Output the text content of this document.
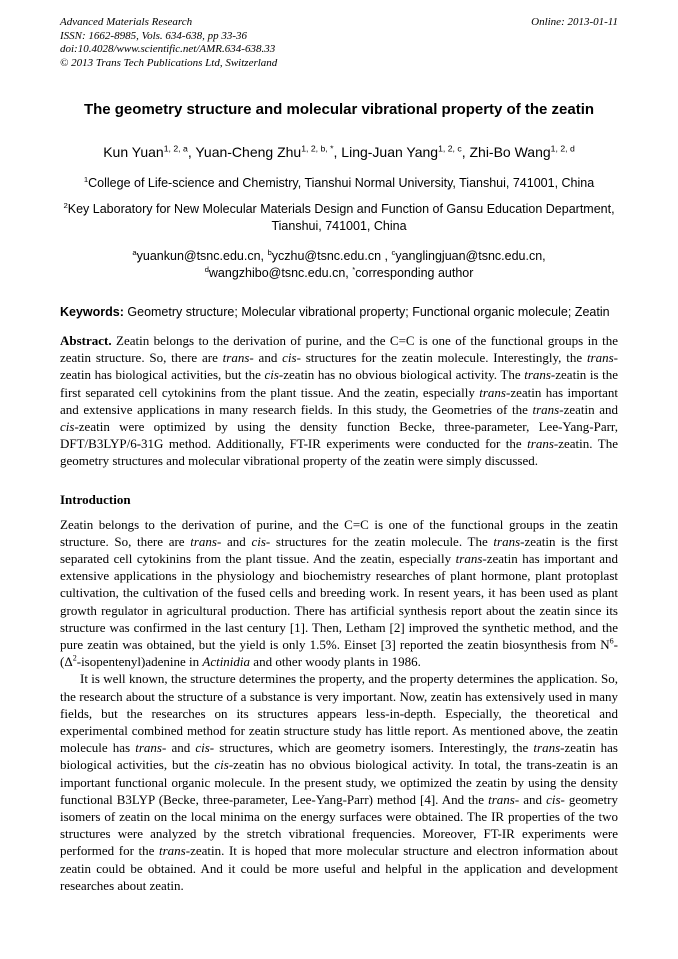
Advanced Materials Research	Online: 2013-01-11
ISSN: 1662-8985, Vols. 634-638, pp 33-36
doi:10.4028/www.scientific.net/AMR.634-638.33
© 2013 Trans Tech Publications Ltd, Switzerland
The geometry structure and molecular vibrational property of the zeatin
Kun Yuan$^{1, 2, a}$, Yuan-Cheng Zhu$^{1, 2, b, *}$, Ling-Juan Yang$^{1, 2, c}$, Zhi-Bo Wang$^{1, 2, d}$
$^1$College of Life-science and Chemistry, Tianshui Normal University, Tianshui, 741001, China
$^2$Key Laboratory for New Molecular Materials Design and Function of Gansu Education Department, Tianshui, 741001, China
$^a$yuankun@tsnc.edu.cn, $^b$yczhu@tsnc.edu.cn , $^c$yanglingjuan@tsnc.edu.cn,
$^d$wangzhibo@tsnc.edu.cn, *corresponding author
Keywords: Geometry structure; Molecular vibrational property; Functional organic molecule; Zeatin

Abstract. Zeatin belongs to the derivation of purine, and the C=C is one of the functional groups in the zeatin structure. So, there are trans- and cis- structures for the zeatin molecule. Interestingly, the trans-zeatin has biological activities, but the cis-zeatin has no obvious biological activity. The trans-zeatin is the first separated cell cytokinins from the plant tissue. And the zeatin, especially trans-zeatin has important and extensive applications in many research fields. In this study, the Geometries of the trans-zeatin and cis-zeatin were optimized by using the density function Becke, three-parameter, Lee-Yang-Parr, DFT/B3LYP/6-31G method. Additionally, FT-IR experiments were conducted for the trans-zeatin. The geometry structures and molecular vibrational property of the zeatin were simply discussed.

Introduction

Zeatin belongs to the derivation of purine, and the C=C is one of the functional groups in the zeatin structure. So, there are trans- and cis- structures for the zeatin molecule. The trans-zeatin is the first separated cell cytokinins from the plant tissue. And the zeatin, especially trans-zeatin has important and extensive applications in the physiology and biochemistry researches of plant hormone, plant protoplast cultivation, the cultivation of the fused cells and breeding work. In resent years, it has been used as plant growth regulator in agricultural production. There has artificial synthesis report about the zeatin since its structure was confirmed in the last century [1]. Then, Letham [2] improved the synthetic method, and the pure zeatin was obtained, but the yield is only 1.5%. Einset [3] reported the zeatin biosynthesis from $N^6-(\Delta^2-isopentenyl)adenine$ in Actinidia and other woody plants in 1986.

It is well known, the structure determines the property, and the property determines the application. So, the research about the structure of a substance is very important. Now, zeatin has extensively used in many fields, but the researches on its structures appears less-in-depth. Especially, the theoretical and experimental combined method for zeatin structure study has little report. As mentioned above, the zeatin molecule has trans- and cis- structures, which are geometry isomers. Interestingly, the trans-zeatin has biological activities, but the cis-zeatin has no obvious biological activity. In total, the trans-zeatin is an important functional organic molecule. In the present study, we optimized the zeatin by using the density functional B3LYP (Becke, three-parameter, Lee-Yang-Parr) method [4]. And the trans- and cis- geometry isomers of zeatin on the local minima on the energy surfaces were obtained. The IR properties of the two structures were analyzed by the stretch vibrational frequencies. Moreover, FT-IR experiments were performed for the trans-zeatin. It is hoped that more molecular structure and electron information about zeatin could be obtained. And it could be more useful and helpful in the application and development researches about zeatin.
